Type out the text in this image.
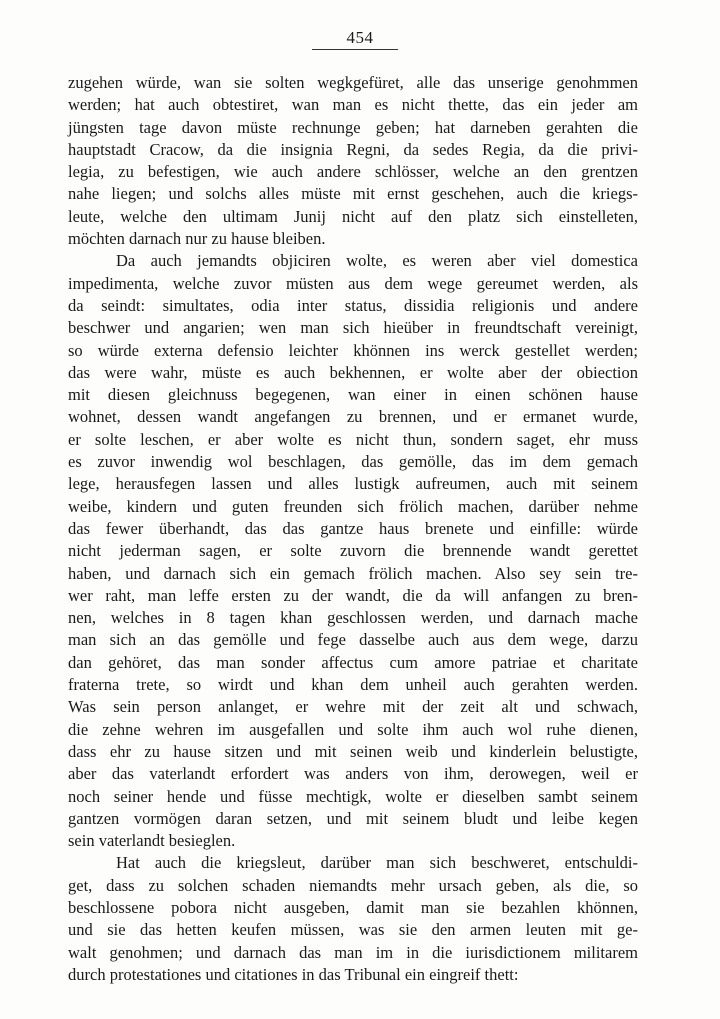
454
zugehen würde, wan sie solten wegkgefüret, alle das unserige genohmmen
werden; hat auch obtestiret, wan man es nicht thette, das ein jeder am
jüngsten tage davon müste rechnunge geben; hat darneben gerahten die
hauptstadt Cracow, da die insignia Regni, da sedes Regia, da die privi-
legia, zu befestigen, wie auch andere schlösser, welche an den grentzen
nahe liegen; und solchs alles müste mit ernst geschehen, auch die kriegs-
leute, welche den ultimam Junij nicht auf den platz sich einstelleten,
möchten darnach nur zu hause bleiben.
Da auch jemandts objiciren wolte, es weren aber viel domestica
impedimenta, welche zuvor müsten aus dem wege gereumet werden, als
da seindt: simultates, odia inter status, dissidia religionis und andere
beschwer und angarien; wen man sich hieüber in freundtschaft vereinigt,
so würde externa defensio leichter khönnen ins werck gestellet werden;
das were wahr, müste es auch bekhennen, er wolte aber der obiection
mit diesen gleichnuss begegenen, wan einer in einen schönen hause
wohnet, dessen wandt angefangen zu brennen, und er ermanet wurde,
er solte leschen, er aber wolte es nicht thun, sondern saget, ehr muss
es zuvor inwendig wol beschlagen, das gemölle, das im dem gemach
lege, herausfegen lassen und alles lustigk aufreumen, auch mit seinem
weibe, kindern und guten freunden sich frölich machen, darüber nehme
das fewer überhandt, das das gantze haus brenete und einfille: würde
nicht jederman sagen, er solte zuvorn die brennende wandt gerettet
haben, und darnach sich ein gemach frölich machen. Also sey sein tre-
wer raht, man leffe ersten zu der wandt, die da will anfangen zu bren-
nen, welches in 8 tagen khan geschlossen werden, und darnach mache
man sich an das gemölle und fege dasselbe auch aus dem wege, darzu
dan gehöret, das man sonder affectus cum amore patriae et charitate
fraterna trete, so wirdt und khan dem unheil auch gerahten werden.
Was sein person anlanget, er wehre mit der zeit alt und schwach,
die zehne wehren im ausgefallen und solte ihm auch wol ruhe dienen,
dass ehr zu hause sitzen und mit seinen weib und kinderlein belustigte,
aber das vaterlandt erfordert was anders von ihm, derowegen, weil er
noch seiner hende und füsse mechtigk, wolte er dieselben sambt seinem
gantzen vormögen daran setzen, und mit seinem bludt und leibe kegen
sein vaterlandt besieglen.
Hat auch die kriegsleut, darüber man sich beschweret, entschuldi-
get, dass zu solchen schaden niemandts mehr ursach geben, als die, so
beschlossene pobora nicht ausgeben, damit man sie bezahlen khönnen,
und sie das hetten keufen müssen, was sie den armen leuten mit ge-
walt genohmen; und darnach das man im in die iurisdictionem militarem
durch protestationes und citationes in das Tribunal ein eingreif thett:
